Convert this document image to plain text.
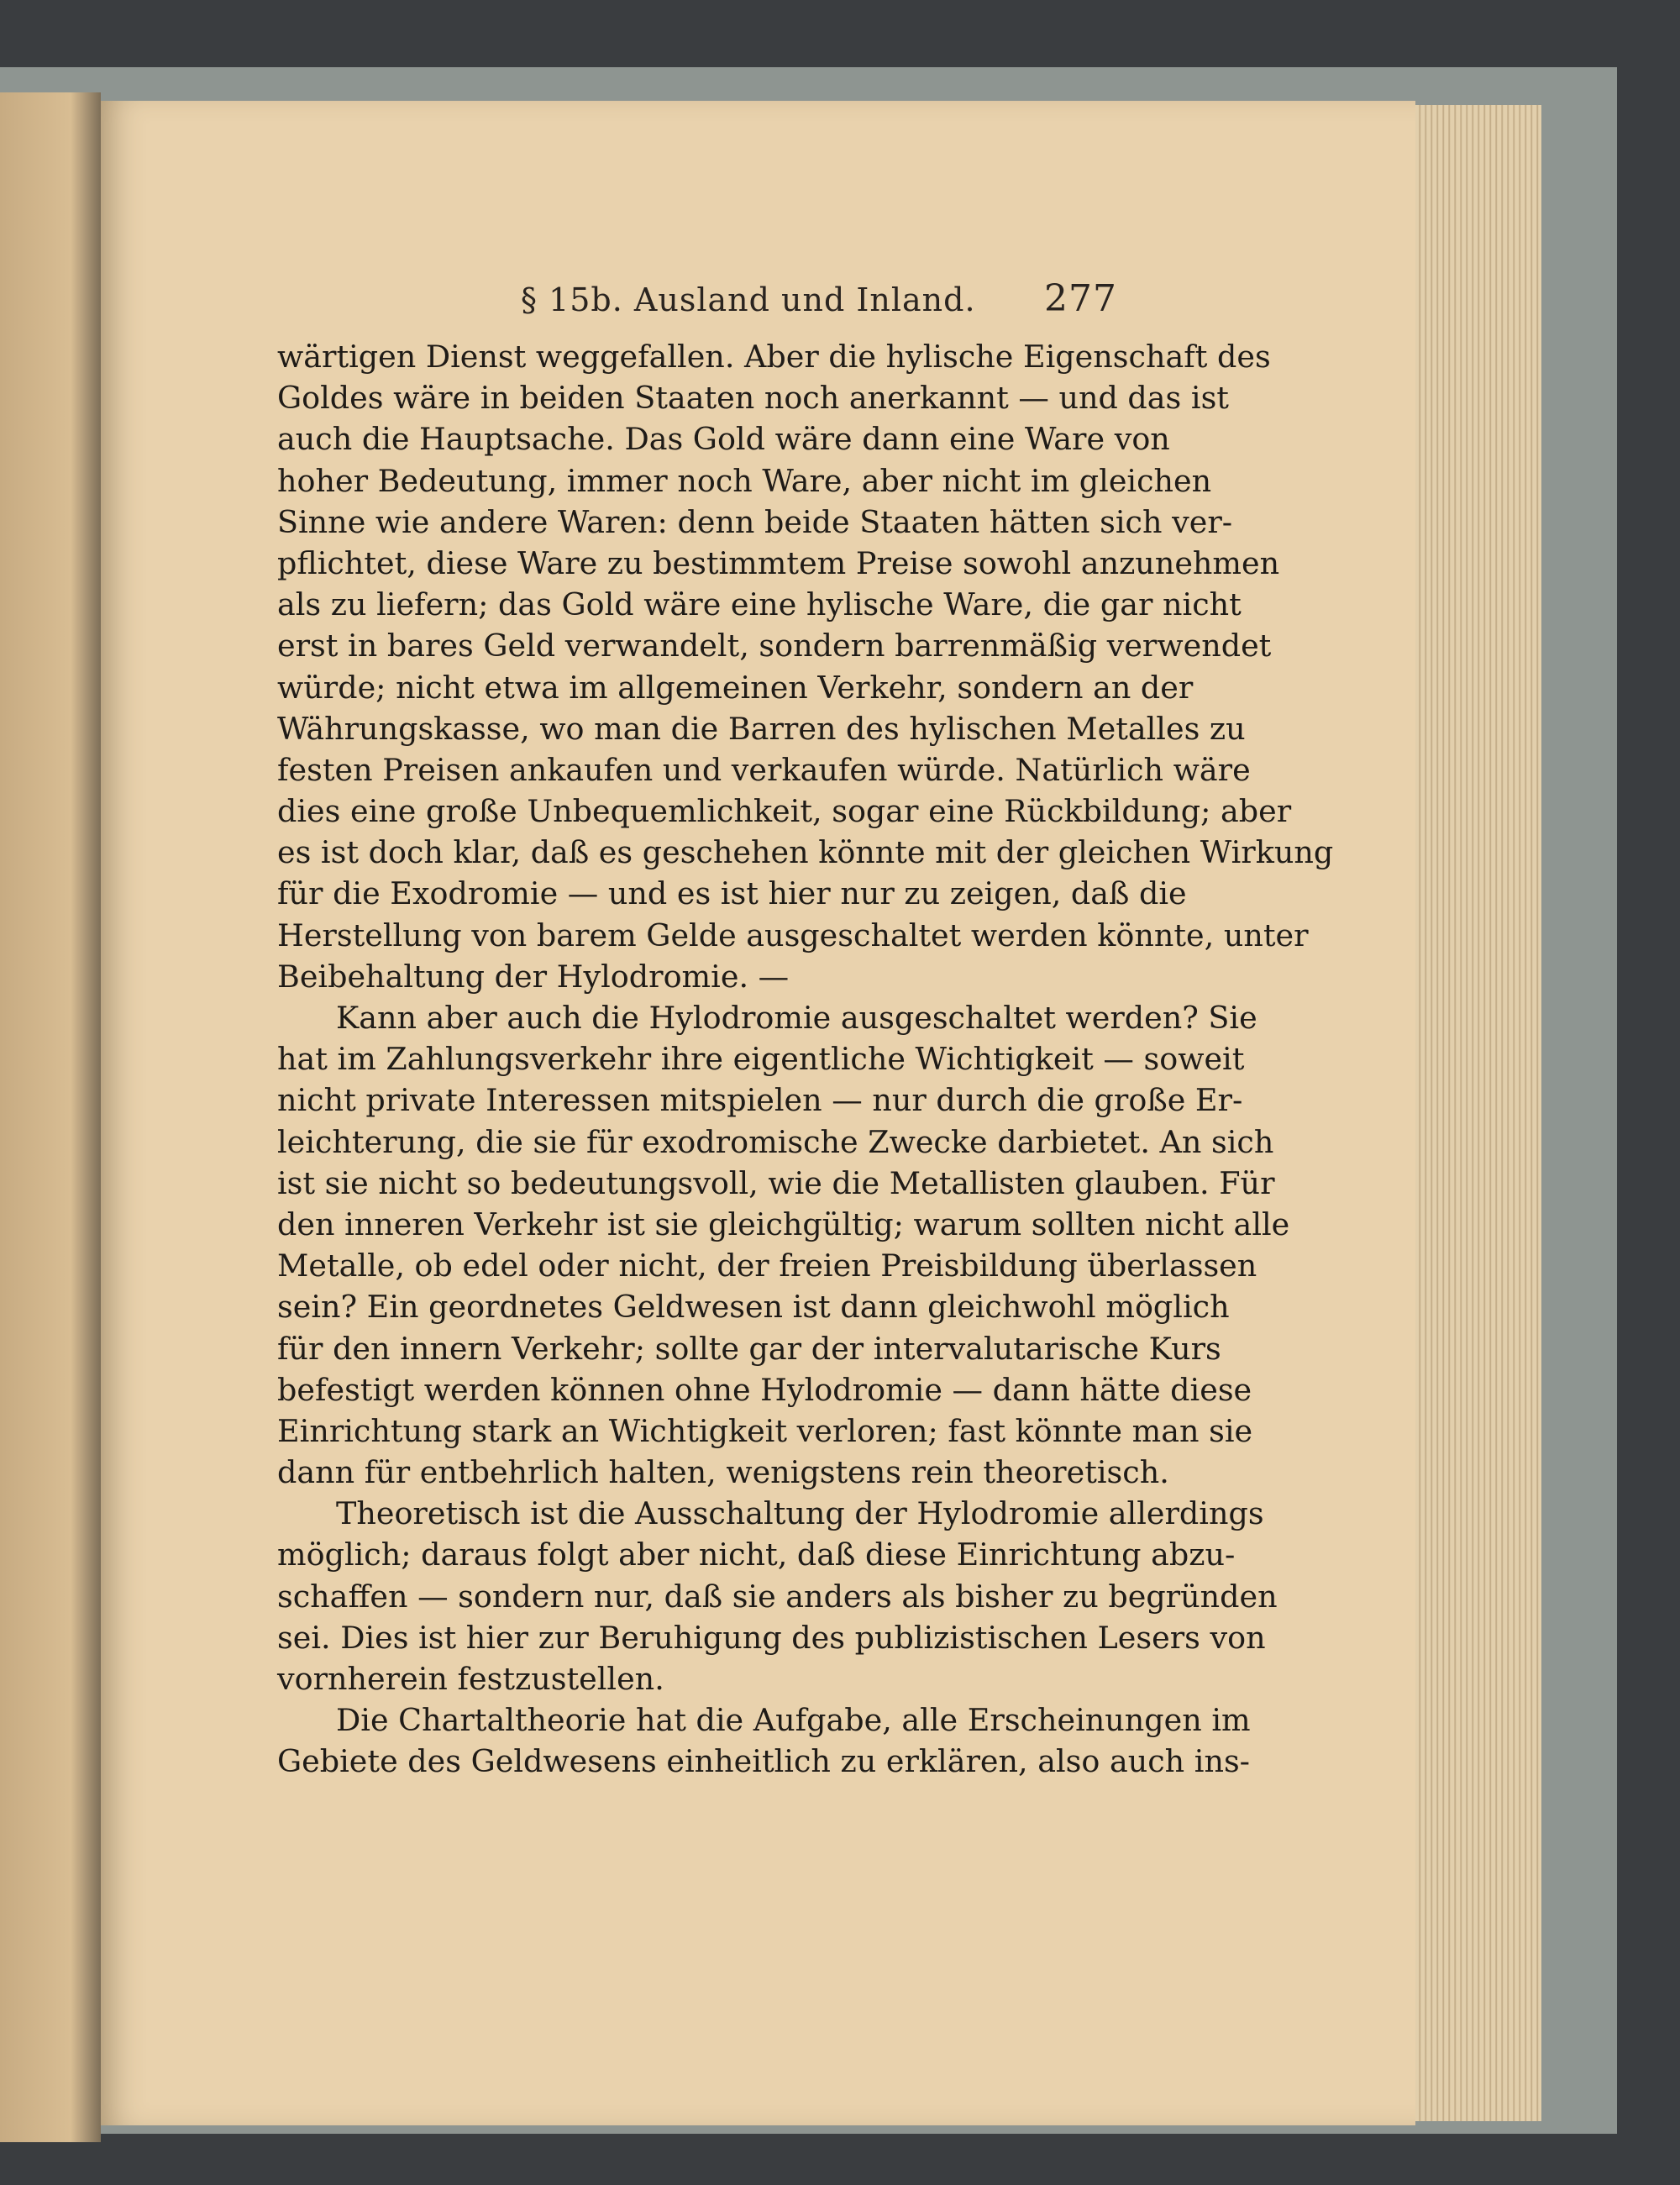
§ 15b. Ausland und Inland. 277

wärtigen Dienst weggefallen. Aber die hylische Eigenschaft des
Goldes wäre in beiden Staaten noch anerkannt — und das ist
auch die Hauptsache. Das Gold wäre dann eine Ware von
hoher Bedeutung, immer noch Ware, aber nicht im gleichen
Sinne wie andere Waren: denn beide Staaten hätten sich ver-
pflichtet, diese Ware zu bestimmtem Preise sowohl anzunehmen
als zu liefern; das Gold wäre eine hylische Ware, die gar nicht
erst in bares Geld verwandelt, sondern barrenmäßig verwendet
würde; nicht etwa im allgemeinen Verkehr, sondern an der
Währungskasse, wo man die Barren des hylischen Metalles zu
festen Preisen ankaufen und verkaufen würde. Natürlich wäre
dies eine große Unbequemlichkeit, sogar eine Rückbildung; aber
es ist doch klar, daß es geschehen könnte mit der gleichen Wirkung
für die Exodromie — und es ist hier nur zu zeigen, daß die
Herstellung von barem Gelde ausgeschaltet werden könnte, unter
Beibehaltung der Hylodromie. —

Kann aber auch die Hylodromie ausgeschaltet werden? Sie
hat im Zahlungsverkehr ihre eigentliche Wichtigkeit — soweit
nicht private Interessen mitspielen — nur durch die große Er-
leichterung, die sie für exodromische Zwecke darbietet. An sich
ist sie nicht so bedeutungsvoll, wie die Metallisten glauben. Für
den inneren Verkehr ist sie gleichgültig; warum sollten nicht alle
Metalle, ob edel oder nicht, der freien Preisbildung überlassen
sein? Ein geordnetes Geldwesen ist dann gleichwohl möglich
für den innern Verkehr; sollte gar der intervalutarische Kurs
befestigt werden können ohne Hylodromie — dann hätte diese
Einrichtung stark an Wichtigkeit verloren; fast könnte man sie
dann für entbehrlich halten, wenigstens rein theoretisch.

Theoretisch ist die Ausschaltung der Hylodromie allerdings
möglich; daraus folgt aber nicht, daß diese Einrichtung abzu-
schaffen — sondern nur, daß sie anders als bisher zu begründen
sei. Dies ist hier zur Beruhigung des publizistischen Lesers von
vornherein festzustellen.

Die Chartaltheorie hat die Aufgabe, alle Erscheinungen im
Gebiete des Geldwesens einheitlich zu erklären, also auch ins-
